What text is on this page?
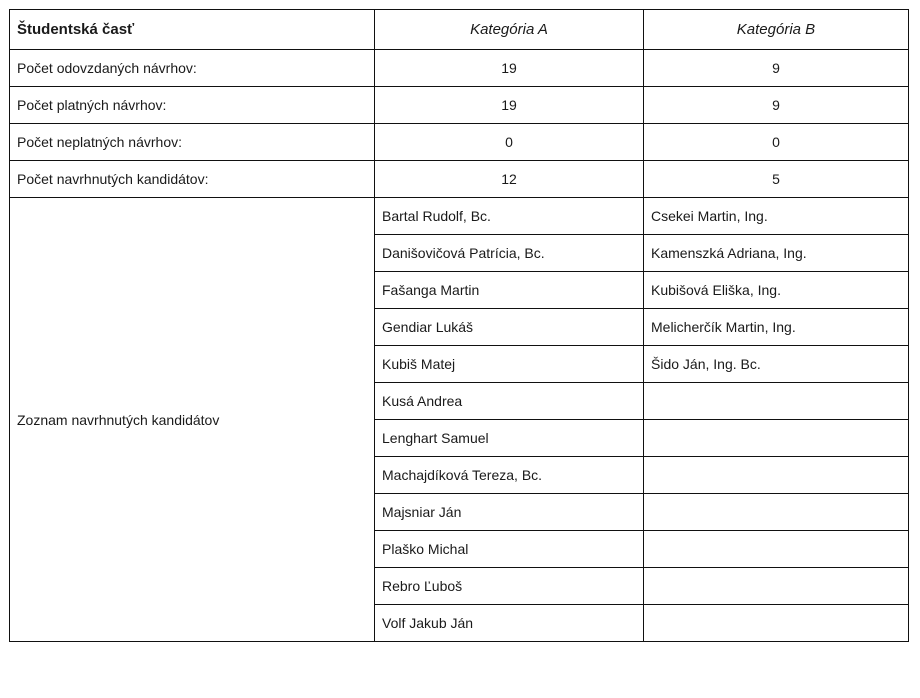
Študentská časť	Kategória A	Kategória B
Počet odovzdaných návrhov:	19	9
Počet platných návrhov:	19	9
Počet neplatných návrhov:	0	0
Počet navrhnutých kandidátov:	12	5
Zoznam navrhnutých kandidátov	Bartal Rudolf, Bc.	Csekei Martin, Ing.
	Danišovičová Patrícia, Bc.	Kamenszká Adriana, Ing.
	Fašanga Martin	Kubišová Eliška, Ing.
	Gendiar Lukáš	Melicherčík Martin, Ing.
	Kubiš Matej	Šido Ján, Ing. Bc.
	Kusá Andrea	
	Lenghart Samuel	
	Machajdíková Tereza, Bc.	
	Majsniar Ján	
	Plaško Michal	
	Rebro Ľuboš	
	Volf Jakub Ján	
